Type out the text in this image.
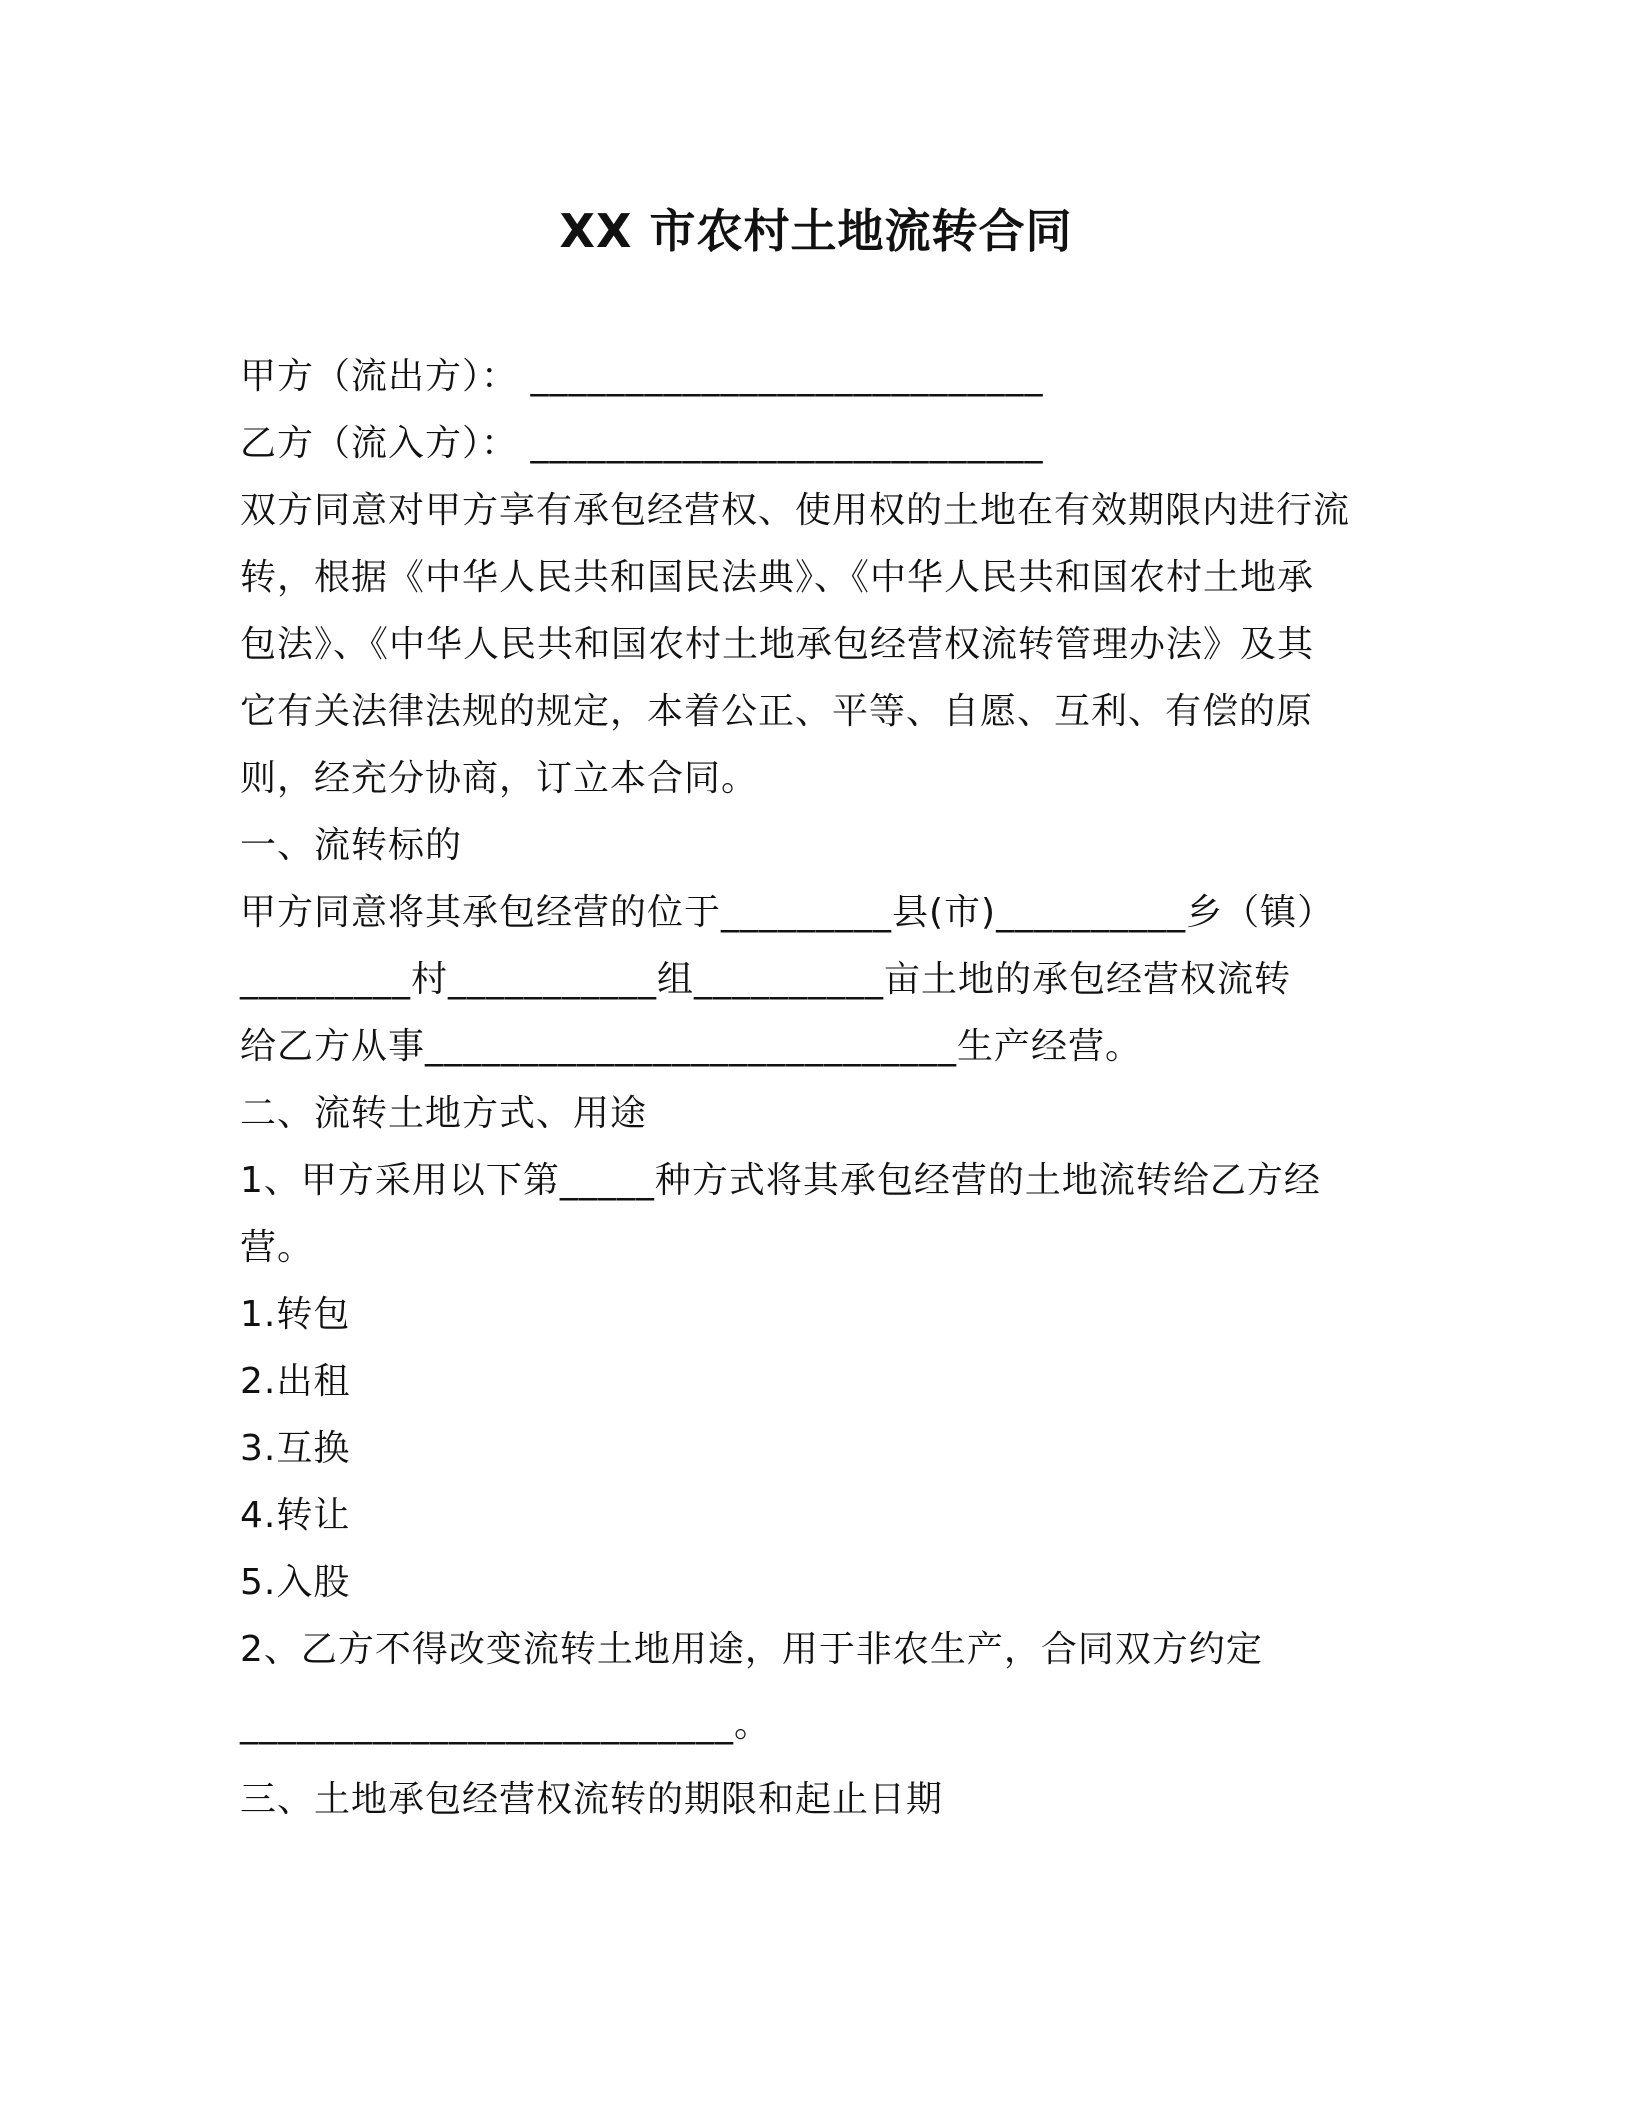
XX 市农村土地流转合同

甲方（流出方）： ___________________________

乙方（流入方）： ___________________________

双方同意对甲方享有承包经营权、使用权的土地在有效期限内进行流

转，根据《中华人民共和国民法典》、《中华人民共和国农村土地承

包法》、《中华人民共和国农村土地承包经营权流转管理办法》及其

它有关法律法规的规定，本着公正、平等、自愿、互利、有偿的原

则，经充分协商，订立本合同。

一、流转标的

甲方同意将其承包经营的位于_________县(市)__________乡（镇）

_________村___________组__________亩土地的承包经营权流转

给乙方从事____________________________生产经营。

二、流转土地方式、用途

1、甲方采用以下第_____种方式将其承包经营的土地流转给乙方经

营。

1.转包

2.出租

3.互换

4.转让

5.入股

2、乙方不得改变流转土地用途，用于非农生产，合同双方约定

__________________________。

三、土地承包经营权流转的期限和起止日期
